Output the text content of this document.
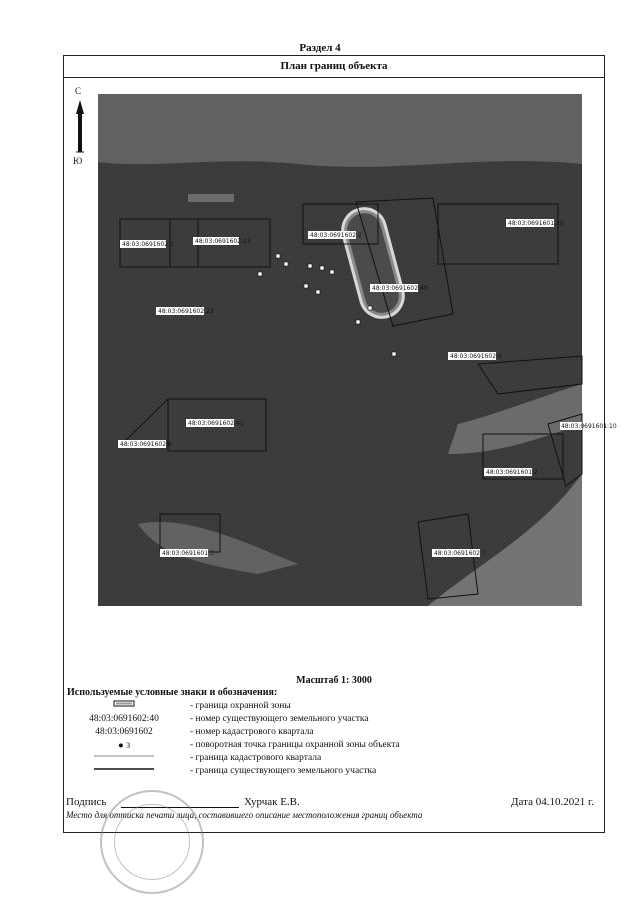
Раздел 4
План границ объекта
С
Ю
48:03:0691602:1	48:03:0691602:13
48:03:0691602:2
48:03:0691602:40
48:03:0691601:25
48:03:0691602:22
48:03:0691602:6
48:03:0691602:41
48:03:0691602:9
48:03:0691601:10
48:03:0691601:2
48:03:0691601:3	48:03:0691602:7
Масштаб 1: 3000
Используемые условные знаки и обозначения:
- граница охранной зоны
48:03:0691602:40	- номер существующего земельного участка
48:03:0691602	- номер кадастрового квартала
● 3	- поворотная точка границы охранной зоны объекта
- граница кадастрового квартала
- граница существующего земельного участка
Подпись	Хурчак Е.В.	Дата 04.10.2021 г.
Место для оттиска печати лица, составившего описание местоположения границ объекта
